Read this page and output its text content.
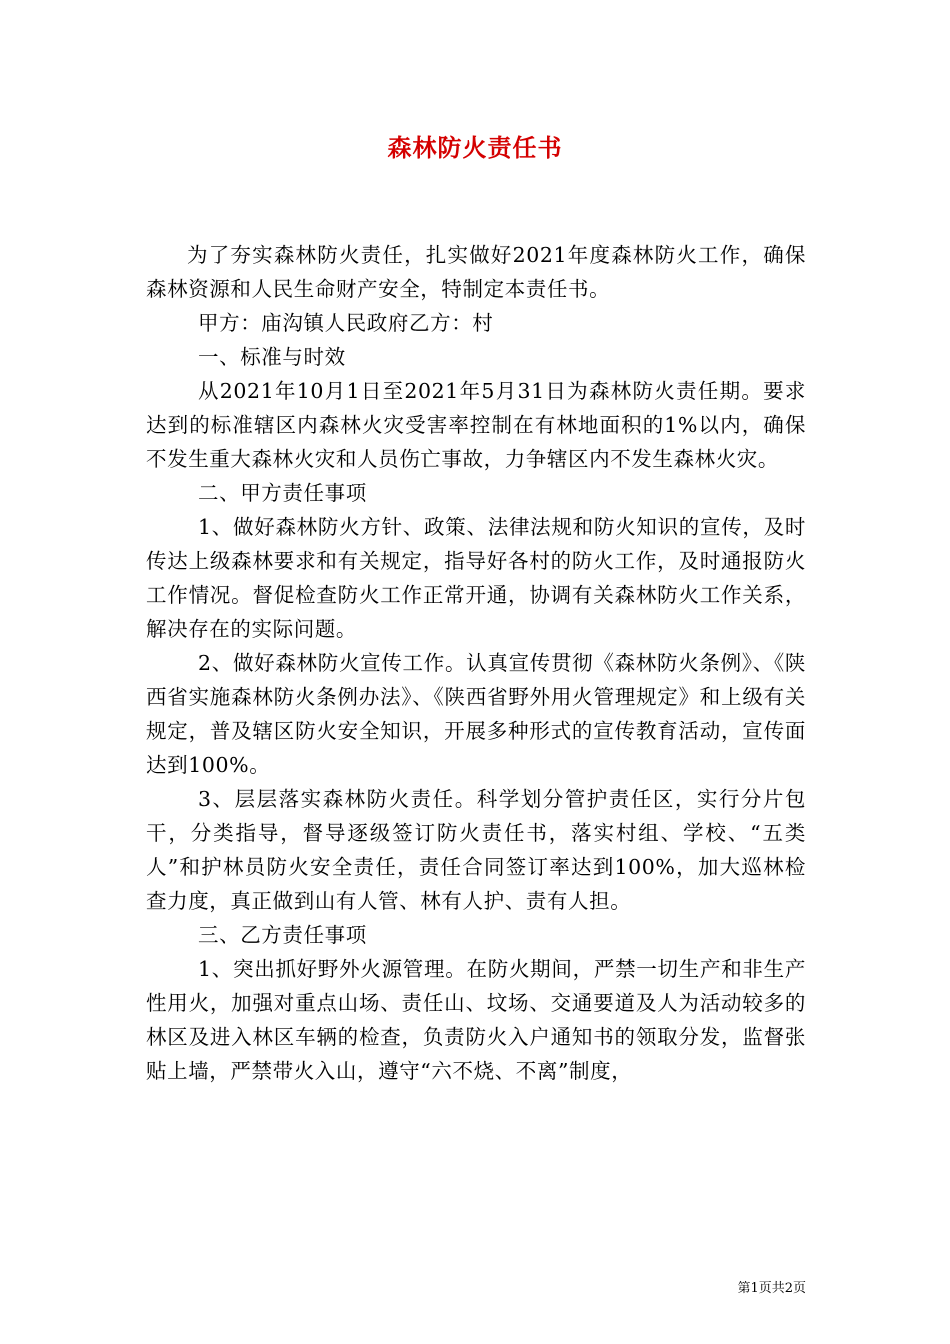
森林防火责任书

为了夯实森林防火责任，扎实做好2021年度森林防火工作，确保森林资源和人民生命财产安全，特制定本责任书。

甲方：庙沟镇人民政府乙方：村

一、标准与时效

从2021年10月1日至2021年5月31日为森林防火责任期。要求达到的标准辖区内森林火灾受害率控制在有林地面积的1%以内，确保不发生重大森林火灾和人员伤亡事故，力争辖区内不发生森林火灾。

二、甲方责任事项

1、做好森林防火方针、政策、法律法规和防火知识的宣传，及时传达上级森林要求和有关规定，指导好各村的防火工作，及时通报防火工作情况。督促检查防火工作正常开通，协调有关森林防火工作关系，解决存在的实际问题。

2、做好森林防火宣传工作。认真宣传贯彻《森林防火条例》、《陕西省实施森林防火条例办法》、《陕西省野外用火管理规定》和上级有关规定，普及辖区防火安全知识，开展多种形式的宣传教育活动，宣传面达到100%。

3、层层落实森林防火责任。科学划分管护责任区，实行分片包干，分类指导，督导逐级签订防火责任书，落实村组、学校、“五类人”和护林员防火安全责任，责任合同签订率达到100%，加大巡林检查力度，真正做到山有人管、林有人护、责有人担。

三、乙方责任事项

1、突出抓好野外火源管理。在防火期间，严禁一切生产和非生产性用火，加强对重点山场、责任山、坟场、交通要道及人为活动较多的林区及进入林区车辆的检查，负责防火入户通知书的领取分发，监督张贴上墙，严禁带火入山，遵守“六不烧、不离”制度，

第1页共2页
